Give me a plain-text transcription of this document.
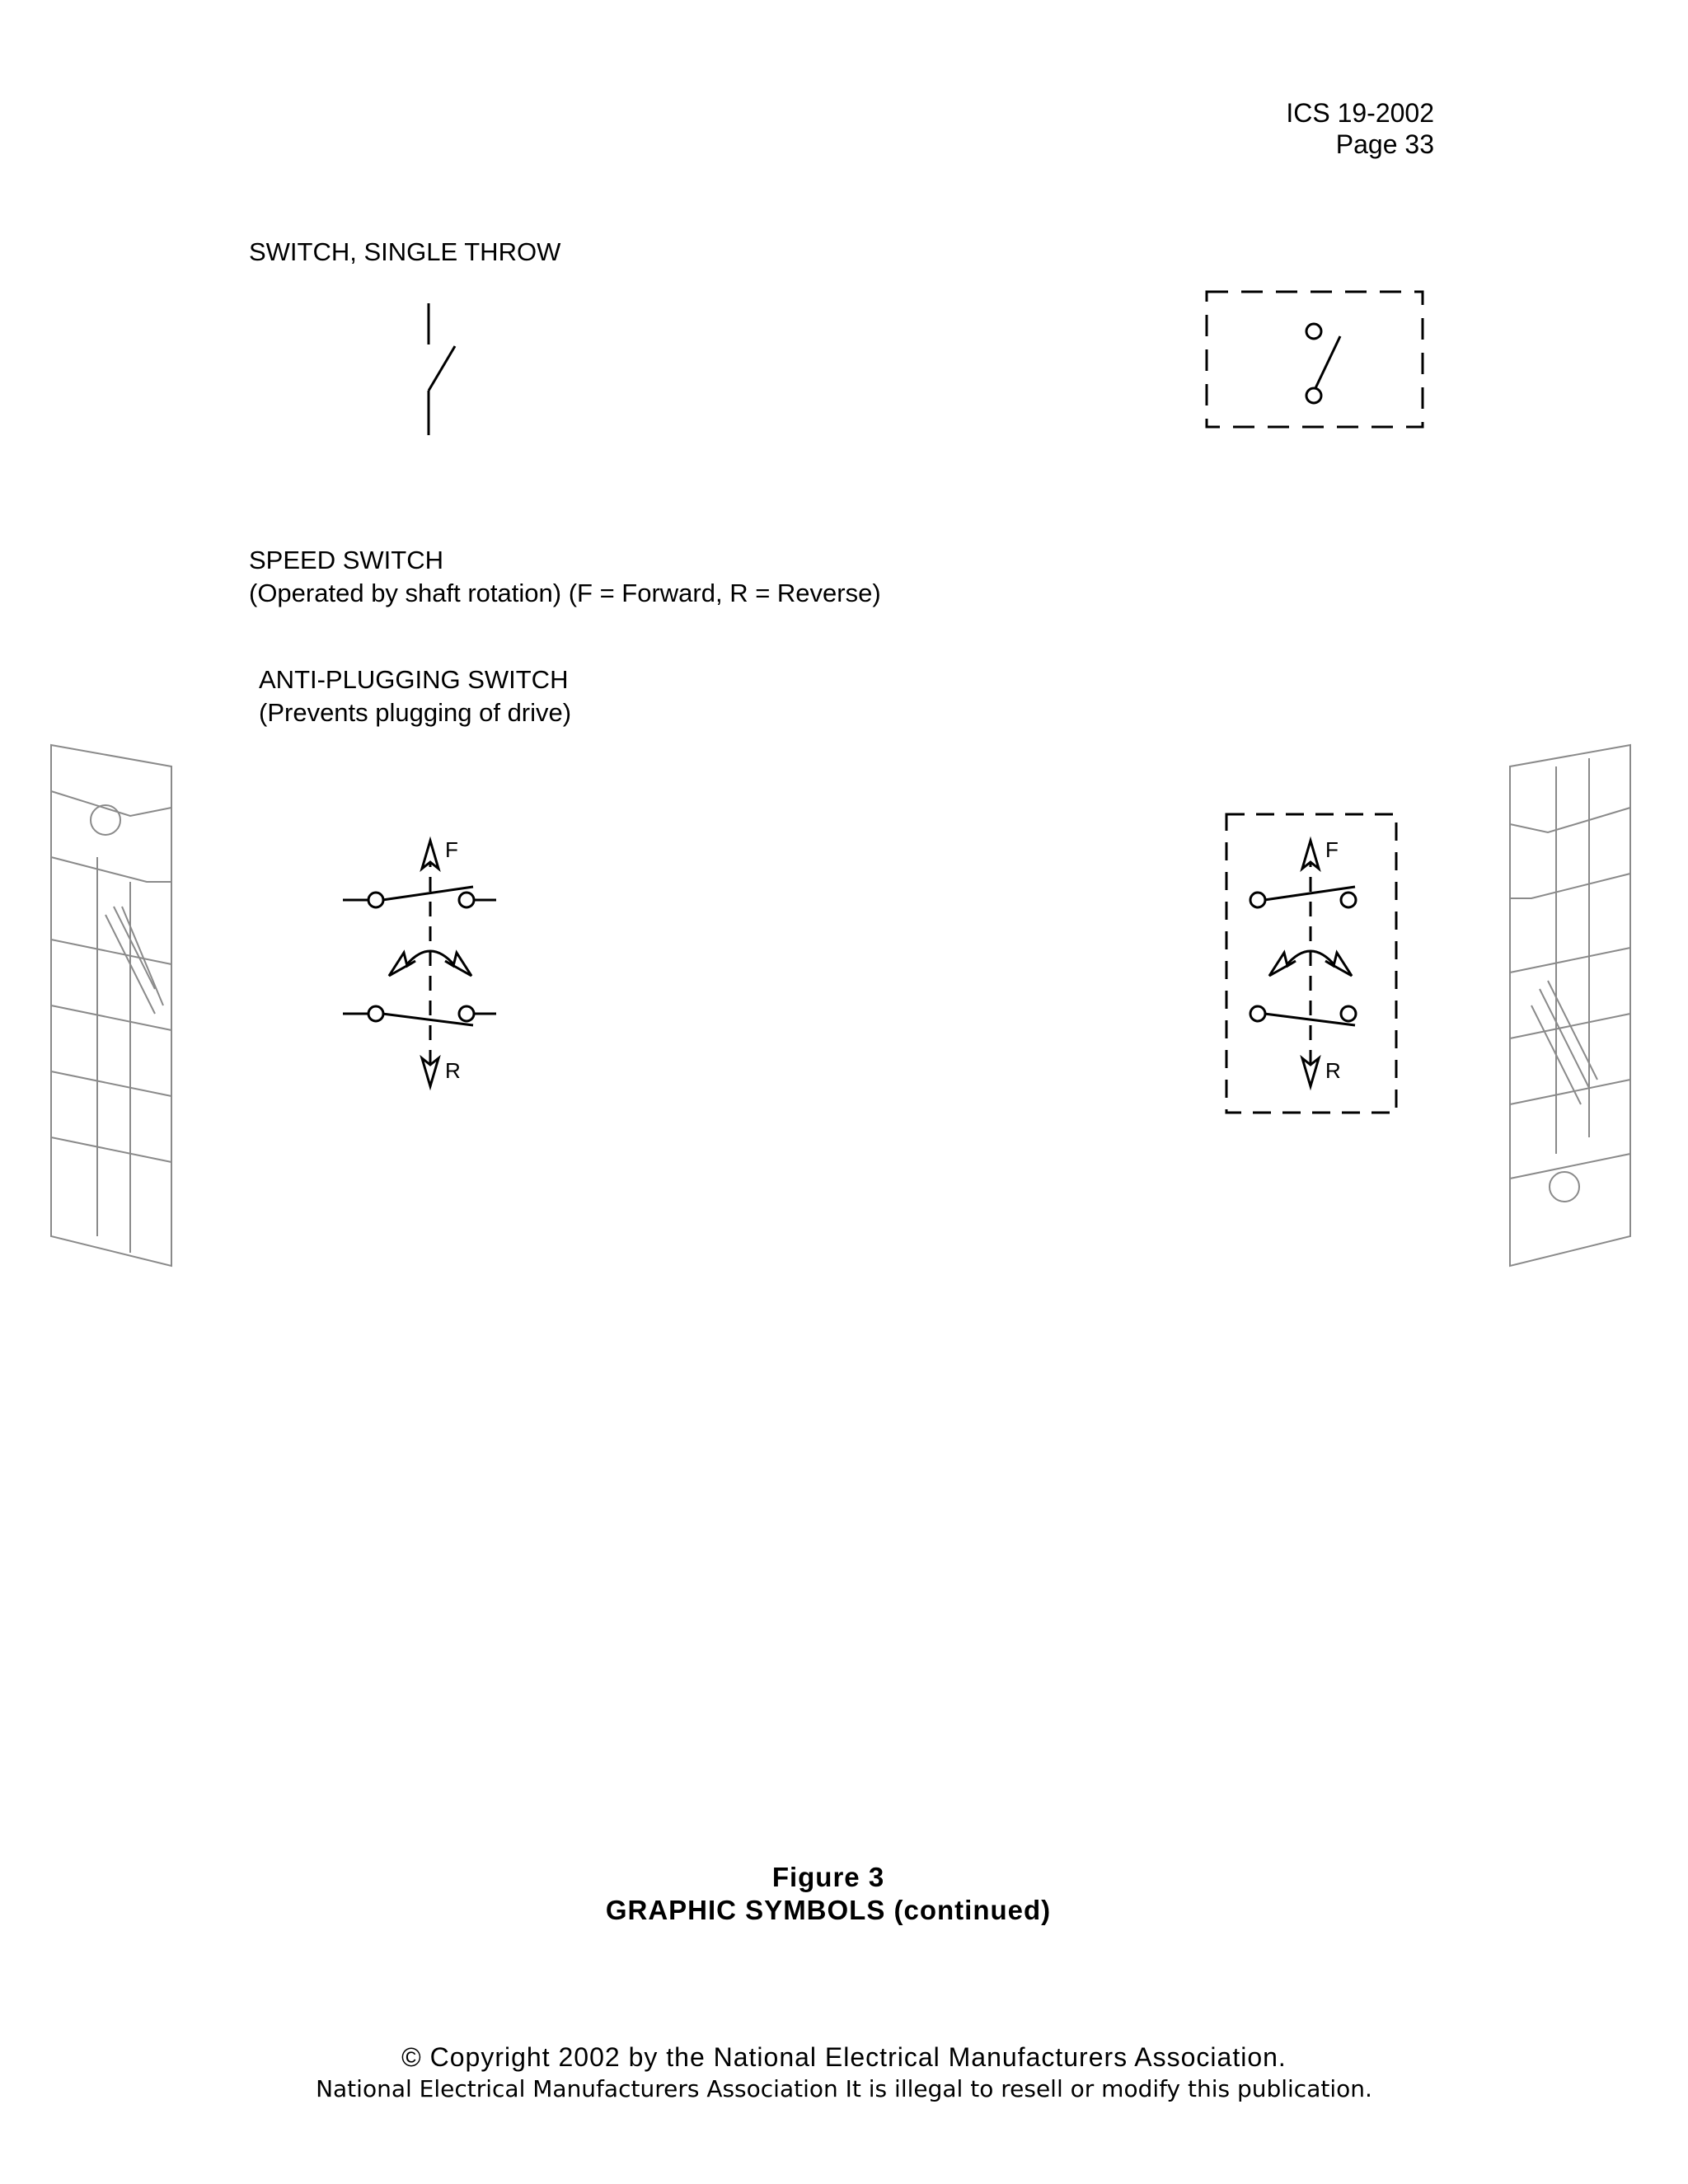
ICS 19-2002
Page 33
SWITCH, SINGLE THROW
SPEED SWITCH
(Operated by shaft rotation) (F = Forward, R = Reverse)
ANTI-PLUGGING SWITCH
(Prevents plugging of drive)
F
R
F
R
Figure 3
GRAPHIC SYMBOLS (continued)
© Copyright 2002 by the National Electrical Manufacturers Association.
National Electrical Manufacturers Association It is illegal to resell or modify this publication.
